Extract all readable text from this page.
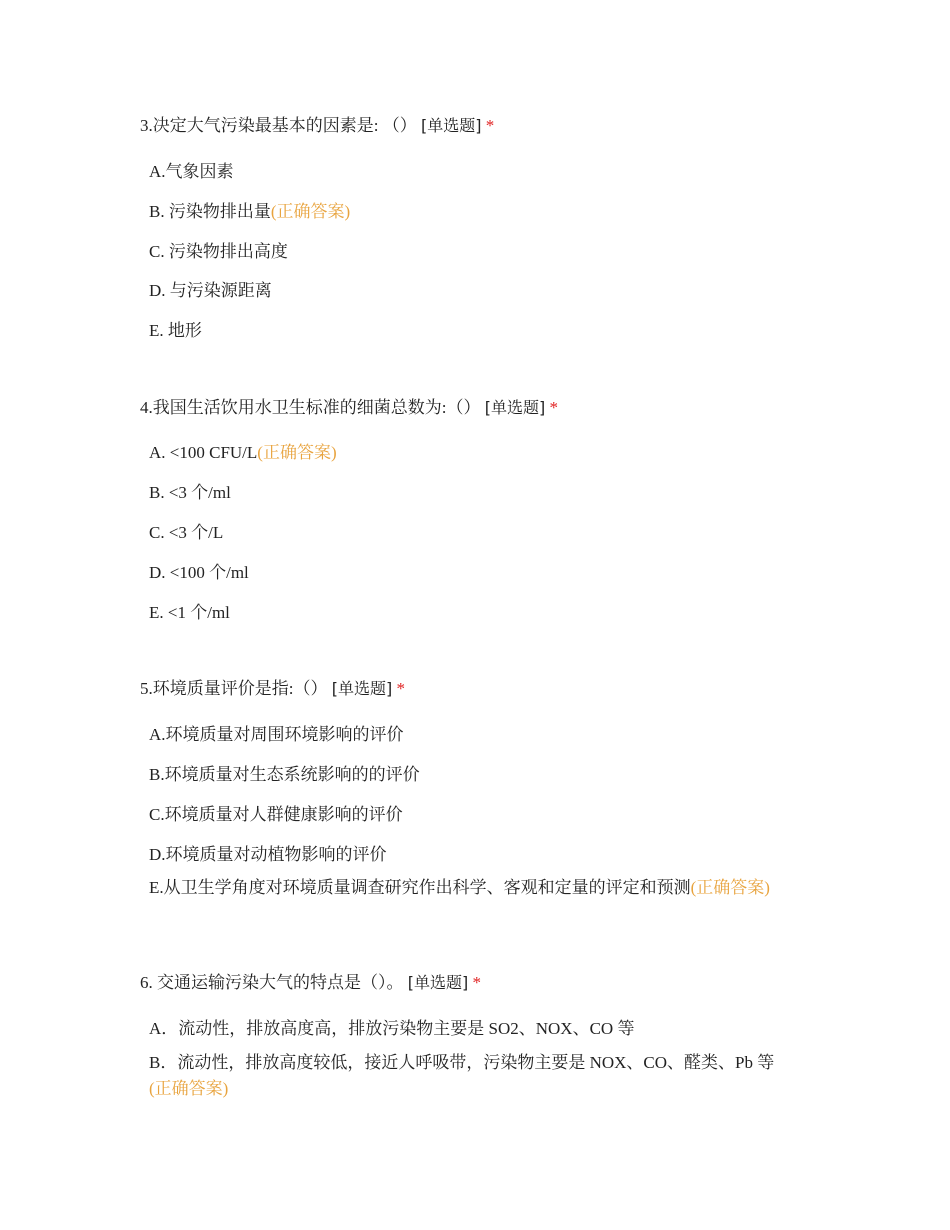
3.决定大气污染最基本的因素是: （） [单选题] *
A.气象因素
B. 污染物排出量(正确答案)
C. 污染物排出高度
D. 与污染源距离
E. 地形
4.我国生活饮用水卫生标准的细菌总数为:（） [单选题] *
A. <100 CFU/L(正确答案)
B. <3 个/ml
C. <3 个/L
D. <100 个/ml
E. <1 个/ml
5.环境质量评价是指:（） [单选题] *
A.环境质量对周围环境影响的评价
B.环境质量对生态系统影响的的评价
C.环境质量对人群健康影响的评价
D.环境质量对动植物影响的评价
E.从卫生学角度对环境质量调查研究作出科学、客观和定量的评定和预测(正确答案)
6. 交通运输污染大气的特点是（）。 [单选题] *
A．流动性，排放高度高，排放污染物主要是 SO2、NOX、CO 等
B．流动性，排放高度较低，接近人呼吸带，污染物主要是 NOX、CO、醛类、Pb 等(正确答案)
